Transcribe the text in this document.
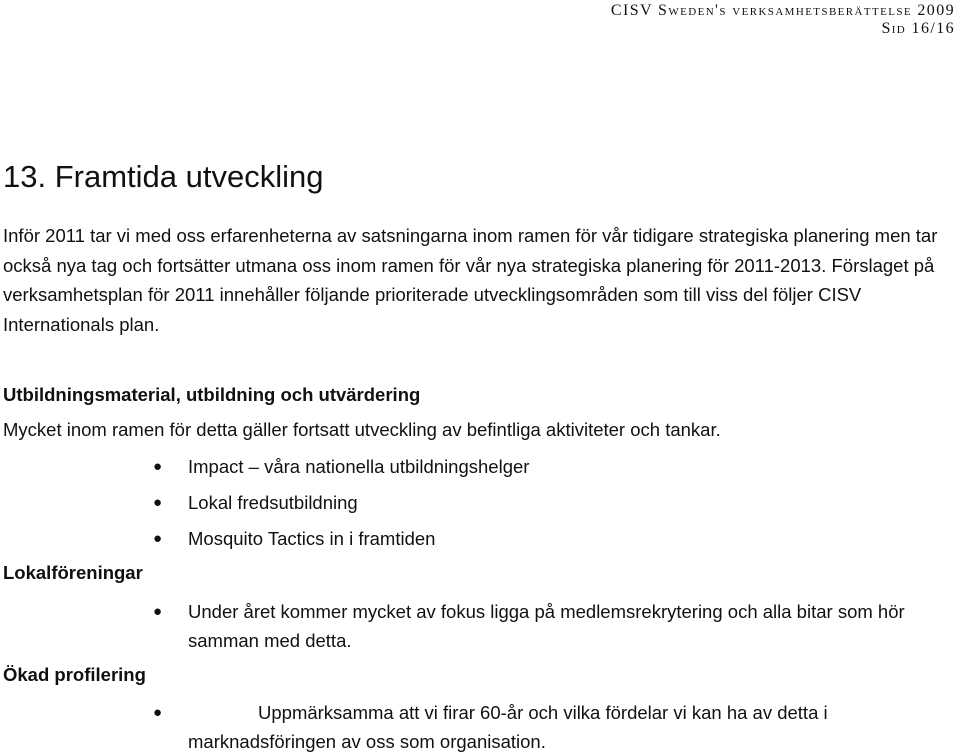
CISV Sweden's verksamhetsberättelse 2009
Sid 16/16
13. Framtida utveckling
Inför 2011 tar vi med oss erfarenheterna av satsningarna inom ramen för vår tidigare strategiska planering men tar också nya tag och fortsätter utmana oss inom ramen för vår nya strategiska planering för 2011-2013. Förslaget på verksamhetsplan för 2011 innehåller följande prioriterade utvecklingsområden som till viss del följer CISV Internationals plan.
Utbildningsmaterial, utbildning och utvärdering
Mycket inom ramen för detta gäller fortsatt utveckling av befintliga aktiviteter och tankar.
●	Impact – våra nationella utbildningshelger
●	Lokal fredsutbildning
●	Mosquito Tactics in i framtiden
Lokalföreningar
●	Under året kommer mycket av fokus ligga på medlemsrekrytering och alla bitar som hör samman med detta.
Ökad profilering
●	Uppmärksamma att vi firar 60-år och vilka fördelar vi kan ha av detta i
marknadsföringen av oss som organisation.
